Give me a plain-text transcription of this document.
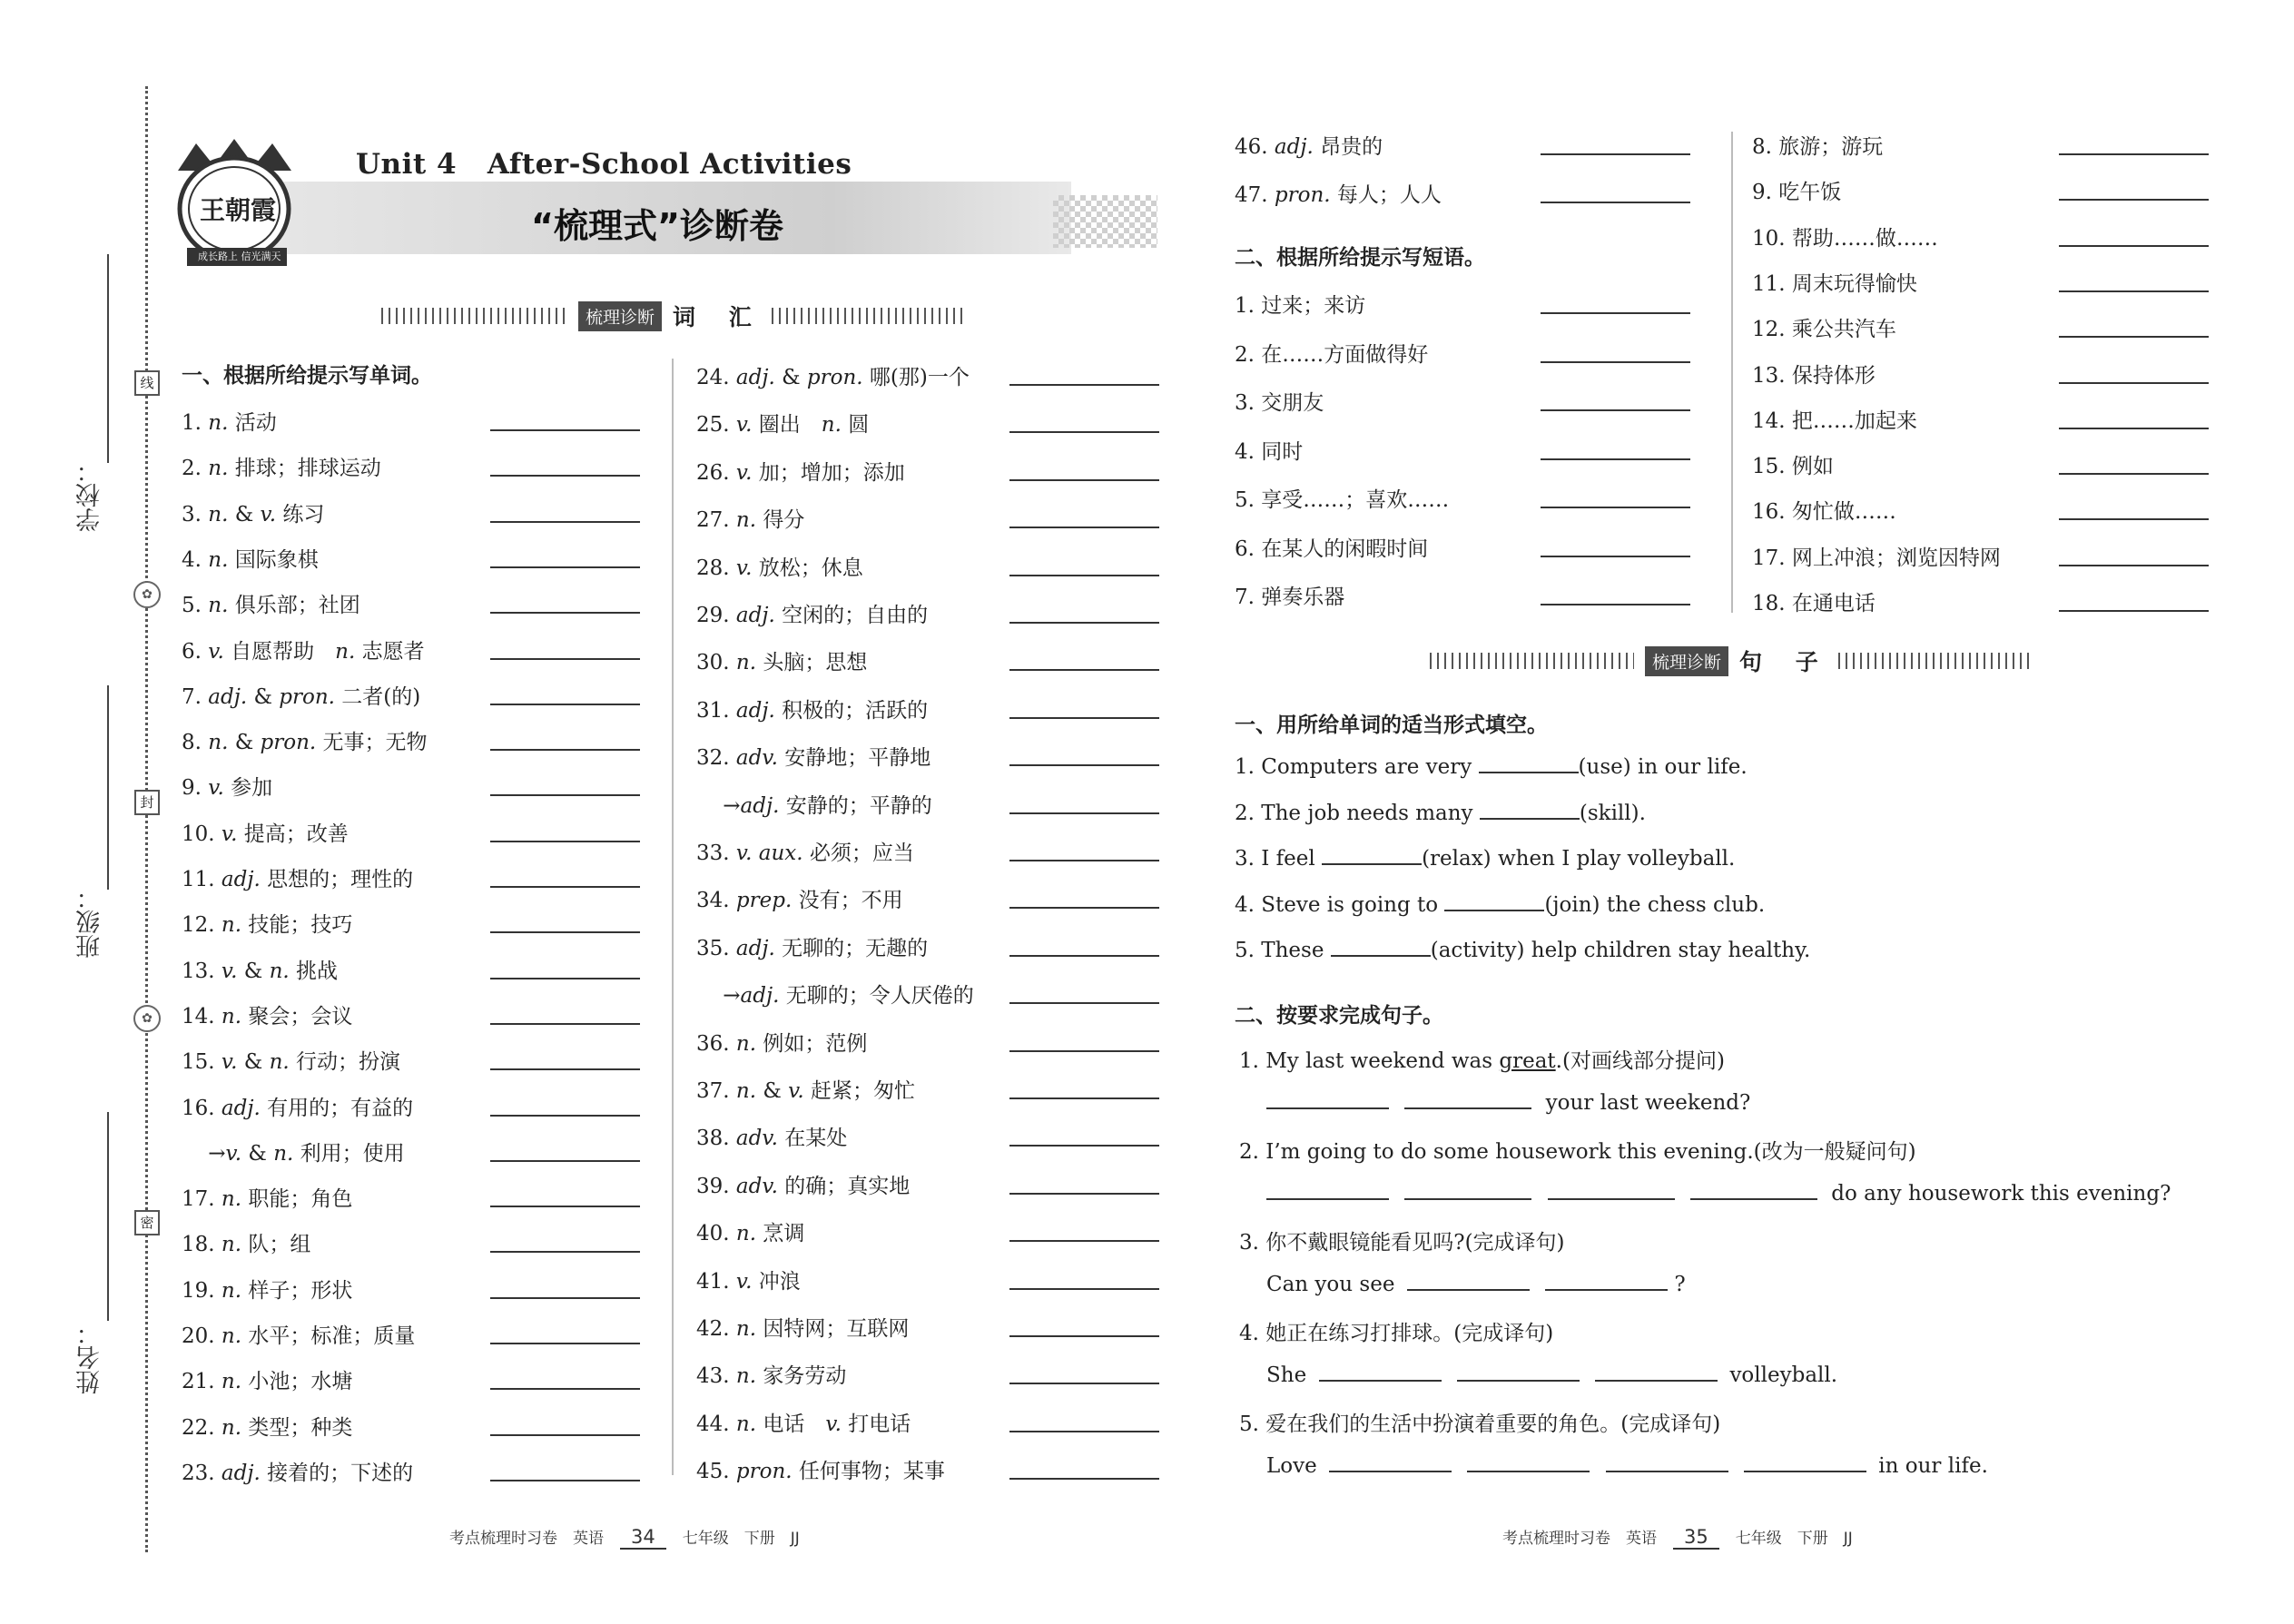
学校：
班级：
姓名：
线
封
密
✿
✿
王朝霞
成长路上 信光满天
Unit 4   After-School Activities
“梳理式”诊断卷
梳理诊断 词 汇
一、根据所给提示写单词。
1. n. 活动
2. n. 排球；排球运动
3. n. & v. 练习
4. n. 国际象棋
5. n. 俱乐部；社团
6. v. 自愿帮助　n. 志愿者
7. adj. & pron. 二者(的)
8. n. & pron. 无事；无物
9. v. 参加
10. v. 提高；改善
11. adj. 思想的；理性的
12. n. 技能；技巧
13. v. & n. 挑战
14. n. 聚会；会议
15. v. & n. 行动；扮演
16. adj. 有用的；有益的
→v. & n. 利用；使用
17. n. 职能；角色
18. n. 队；组
19. n. 样子；形状
20. n. 水平；标准；质量
21. n. 小池；水塘
22. n. 类型；种类
23. adj. 接着的；下述的
24. adj. & pron. 哪(那)一个
25. v. 圈出　n. 圆
26. v. 加；增加；添加
27. n. 得分
28. v. 放松；休息
29. adj. 空闲的；自由的
30. n. 头脑；思想
31. adj. 积极的；活跃的
32. adv. 安静地；平静地
→adj. 安静的；平静的
33. v. aux. 必须；应当
34. prep. 没有；不用
35. adj. 无聊的；无趣的
→adj. 无聊的；令人厌倦的
36. n. 例如；范例
37. n. & v. 赶紧；匆忙
38. adv. 在某处
39. adv. 的确；真实地
40. n. 烹调
41. v. 冲浪
42. n. 因特网；互联网
43. n. 家务劳动
44. n. 电话　v. 打电话
45. pron. 任何事物；某事
46. adj. 昂贵的
47. pron. 每人；人人
二、根据所给提示写短语。
1. 过来；来访
2. 在……方面做得好
3. 交朋友
4. 同时
5. 享受……；喜欢……
6. 在某人的闲暇时间
7. 弹奏乐器
8. 旅游；游玩
9. 吃午饭
10. 帮助……做……
11. 周末玩得愉快
12. 乘公共汽车
13. 保持体形
14. 把……加起来
15. 例如
16. 匆忙做……
17. 网上冲浪；浏览因特网
18. 在通电话
梳理诊断 句 子
一、用所给单词的适当形式填空。
1. Computers are very	(use) in our life.
2. The job needs many	(skill).
3. I feel	(relax) when I play volleyball.
4. Steve is going to	(join) the chess club.
5. These	(activity) help children stay healthy.
二、按要求完成句子。
1. My last weekend was great.(对画线部分提问)
your last weekend?
2. I’m going to do some housework this evening.(改为一般疑问句)
do any housework this evening?
3. 你不戴眼镜能看见吗?(完成译句)
Can you see	?
4. 她正在练习打排球。(完成译句)
She	volleyball.
5. 爱在我们的生活中扮演着重要的角色。(完成译句)
Love	in our life.
考点梳理时习卷　英语 34 七年级　下册　JJ	考点梳理时习卷　英语 35 七年级　下册　JJ
